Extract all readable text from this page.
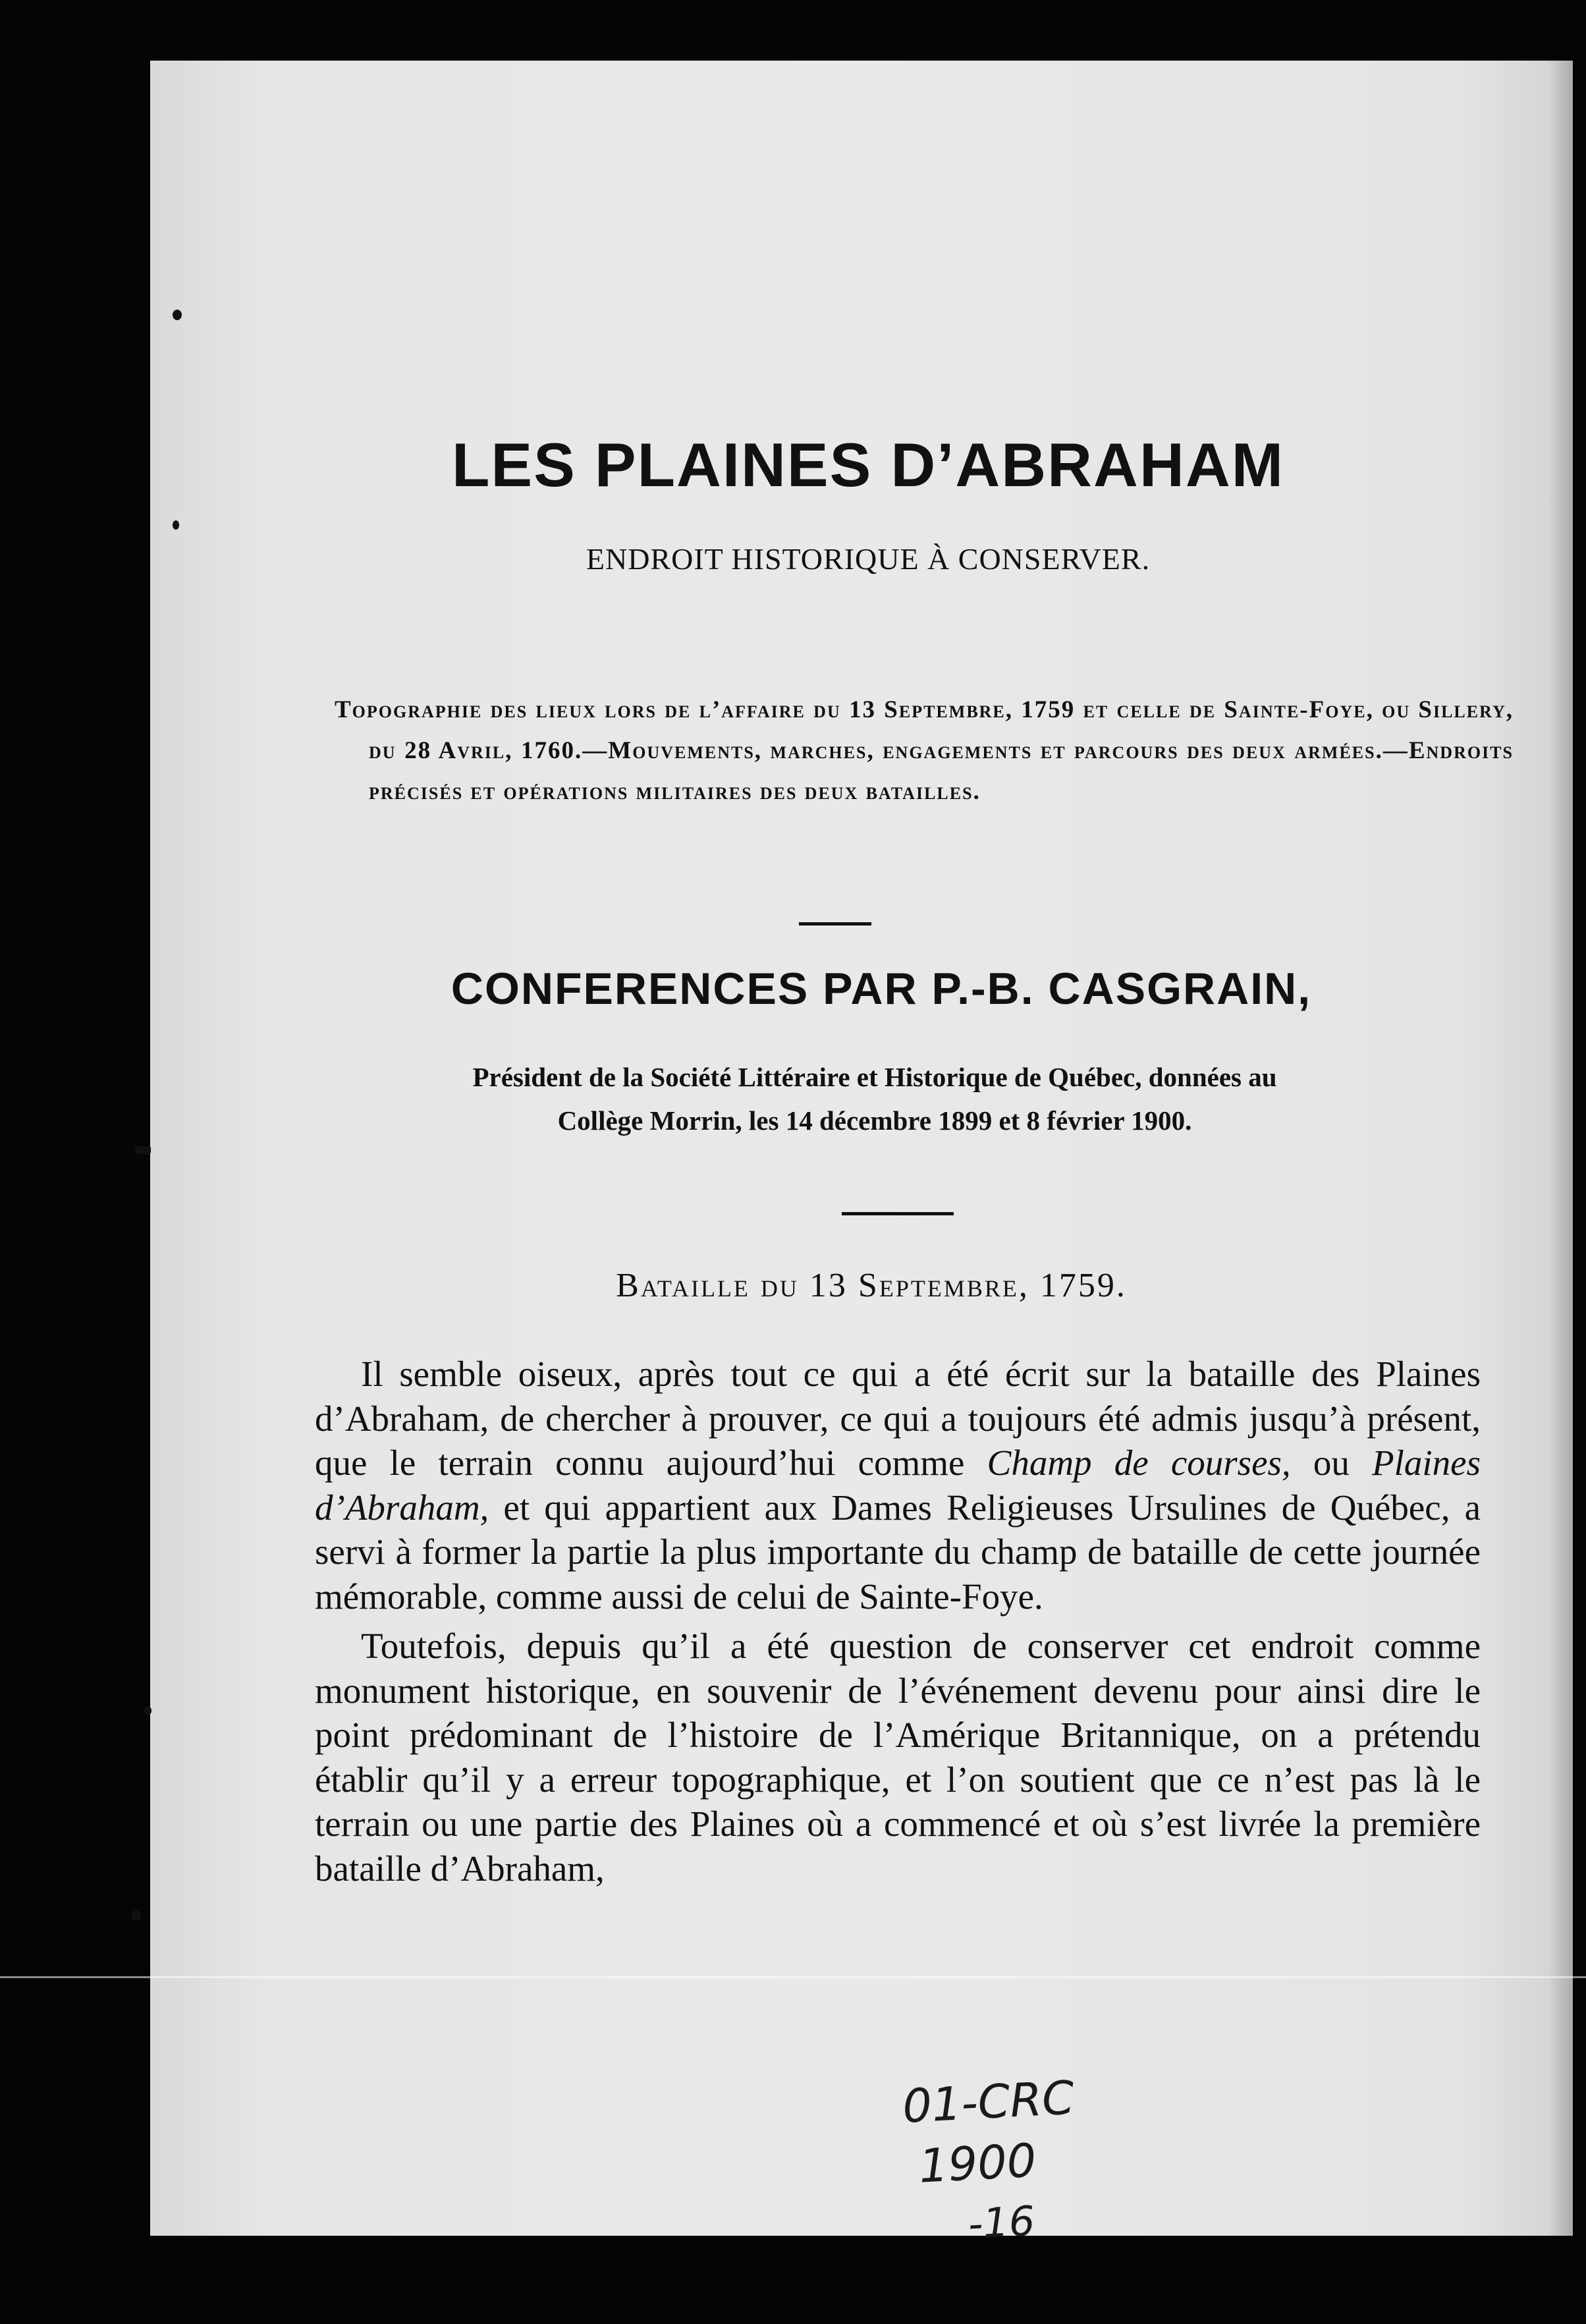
LES PLAINES D’ABRAHAM
ENDROIT HISTORIQUE À CONSERVER.
Topographie des lieux lors de l’affaire du 13 Septembre, 1759 et celle de Sainte-Foye, ou Sillery, du 28 Avril, 1760.—Mouvements, marches, engagements et parcours des deux armées.—Endroits précisés et opérations militaires des deux batailles.
CONFERENCES PAR P.-B. CASGRAIN,
Président de la Société Littéraire et Historique de Québec, données au
Collège Morrin, les 14 décembre 1899 et 8 février 1900.
Bataille du 13 Septembre, 1759.

Il semble oiseux, après tout ce qui a été écrit sur la bataille des Plaines d’Abraham, de chercher à prouver, ce qui a toujours été admis jusqu’à présent, que le terrain connu aujourd’hui comme Champ de courses, ou Plaines d’Abraham, et qui appartient aux Dames Religieuses Ursulines de Québec, a servi à former la partie la plus importante du champ de bataille de cette journée mémorable, comme aussi de celui de Sainte-Foye.

Toutefois, depuis qu’il a été question de conserver cet endroit comme monument historique, en souvenir de l’événement devenu pour ainsi dire le point prédominant de l’histoire de l’Amérique Britannique, on a prétendu établir qu’il y a erreur topographique, et l’on soutient que ce n’est pas là le terrain ou une partie des Plaines où a commencé et où s’est livrée la première bataille d’Abraham,

01-CRC
1900
-16
